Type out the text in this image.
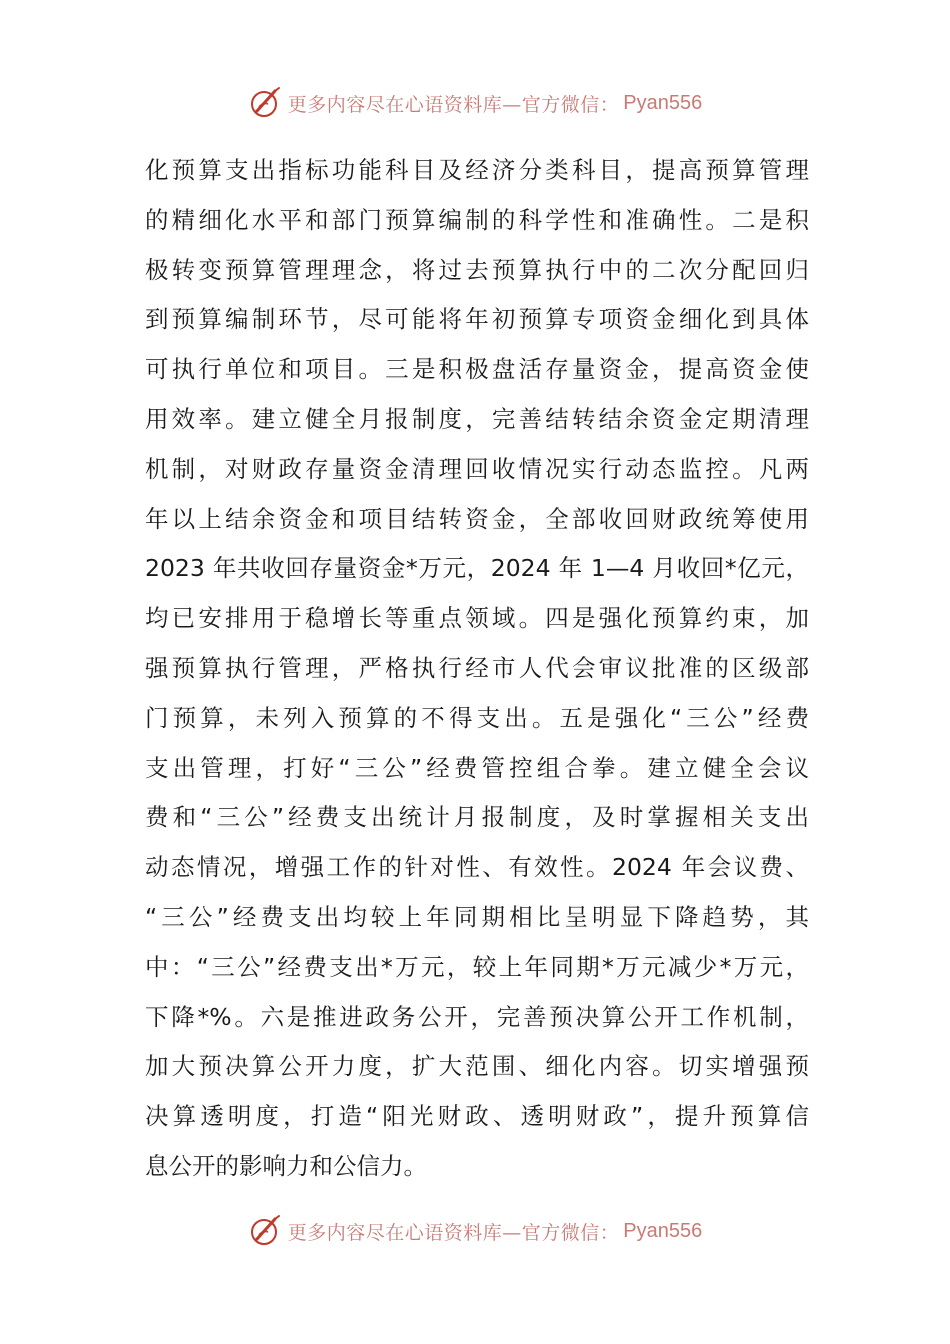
更多内容尽在心语资料库—官方微信： Pyan556
化预算支出指标功能科目及经济分类科目，提高预算管理
的精细化水平和部门预算编制的科学性和准确性。二是积
极转变预算管理理念，将过去预算执行中的二次分配回归
到预算编制环节，尽可能将年初预算专项资金细化到具体
可执行单位和项目。三是积极盘活存量资金，提高资金使
用效率。建立健全月报制度，完善结转结余资金定期清理
机制，对财政存量资金清理回收情况实行动态监控。凡两
年以上结余资金和项目结转资金，全部收回财政统筹使用
2023 年共收回存量资金*万元，2024 年 1—4 月收回*亿元，
均已安排用于稳增长等重点领域。四是强化预算约束，加
强预算执行管理，严格执行经市人代会审议批准的区级部
门预算，未列入预算的不得支出。五是强化“三公”经费
支出管理，打好“三公”经费管控组合拳。建立健全会议
费和“三公”经费支出统计月报制度，及时掌握相关支出
动态情况，增强工作的针对性、有效性。2024 年会议费、
“三公”经费支出均较上年同期相比呈明显下降趋势，其
中：“三公”经费支出*万元，较上年同期*万元减少*万元，
下降*%。六是推进政务公开，完善预决算公开工作机制，
加大预决算公开力度，扩大范围、细化内容。切实增强预
决算透明度，打造“阳光财政、透明财政”，提升预算信
息公开的影响力和公信力。
更多内容尽在心语资料库—官方微信： Pyan556
